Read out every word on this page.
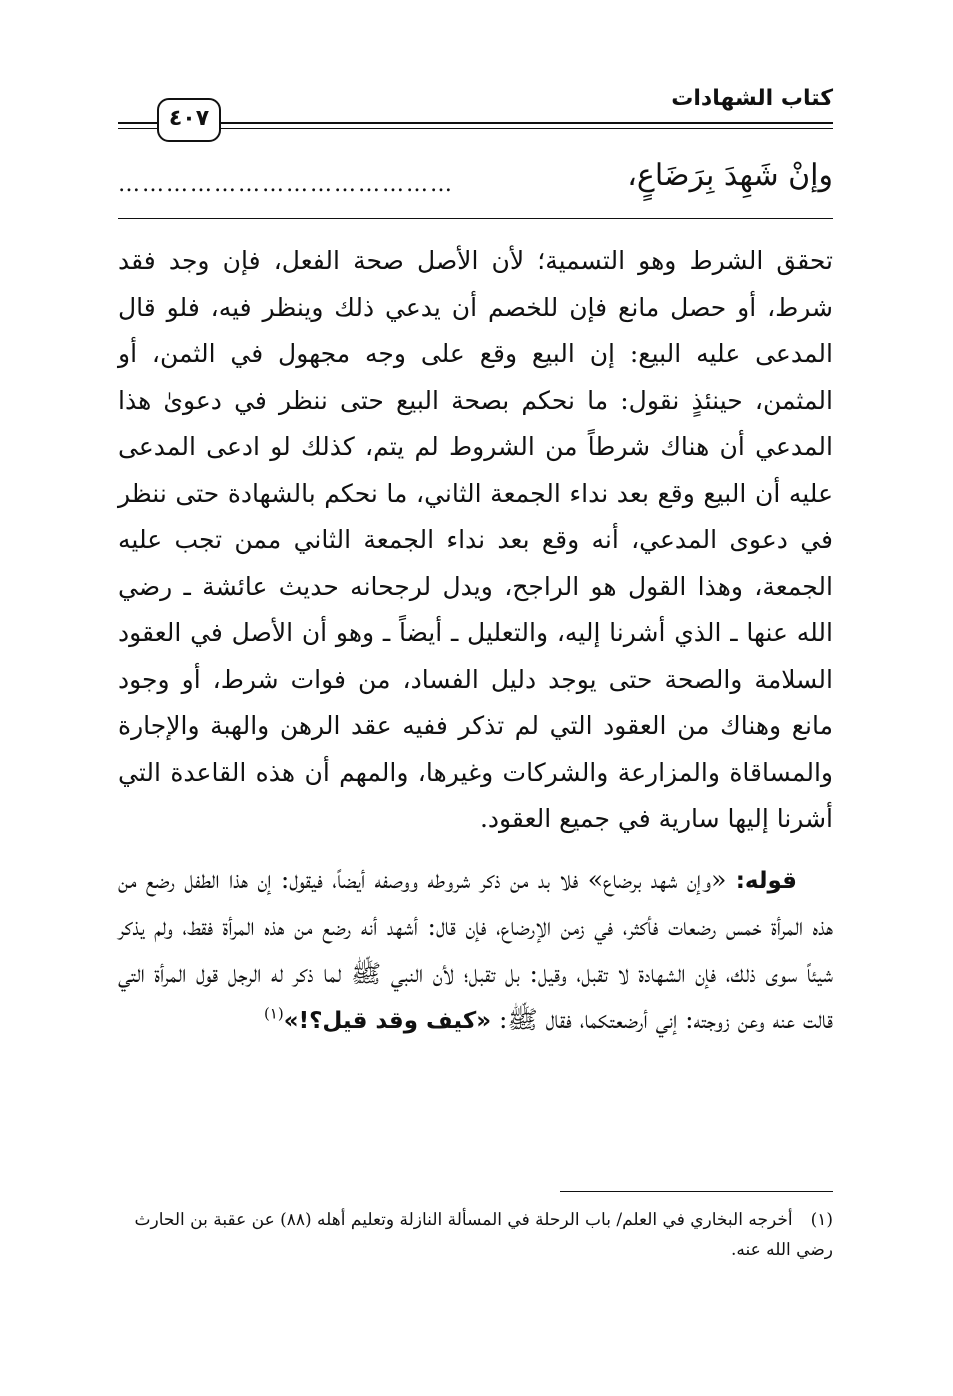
كتاب الشهادات
٤٠٧
وإنْ شَهِدَ بِرَضَاعٍ،
……………………………………

تحقق الشرط وهو التسمية؛ لأن الأصل صحة الفعل، فإن وجد فقد شرط، أو حصل مانع فإن للخصم أن يدعي ذلك وينظر فيه، فلو قال المدعى عليه البيع: إن البيع وقع على وجه مجهول في الثمن، أو المثمن، حينئذٍ نقول: ما نحكم بصحة البيع حتى ننظر في دعوىٰ هذا المدعي أن هناك شرطاً من الشروط لم يتم، كذلك لو ادعى المدعى عليه أن البيع وقع بعد نداء الجمعة الثاني، ما نحكم بالشهادة حتى ننظر في دعوى المدعي، أنه وقع بعد نداء الجمعة الثاني ممن تجب عليه الجمعة، وهذا القول هو الراجح، ويدل لرجحانه حديث عائشة ـ رضي الله عنها ـ الذي أشرنا إليه، والتعليل ـ أيضاً ـ وهو أن الأصل في العقود السلامة والصحة حتى يوجد دليل الفساد، من فوات شرط، أو وجود مانع وهناك من العقود التي لم تذكر ففيه عقد الرهن والهبة والإجارة والمساقاة والمزارعة والشركات وغيرها، والمهم أن هذه القاعدة التي أشرنا إليها سارية في جميع العقود.

قوله: «وإن شهد برضاع» فلا بد من ذكر شروطه ووصفه أيضاً، فيقول: إن هذا الطفل رضع من هذه المرأة خمس رضعات فأكثر، في زمن الإرضاع، فإن قال: أشهد أنه رضع من هذه المرأة فقط، ولم يذكر شيئاً سوى ذلك، فإن الشهادة لا تقبل، وقيل: بل تقبل؛ لأن النبي ﷺ لما ذكر له الرجل قول المرأة التي قالت عنه وعن زوجته: إني أرضعتكما، فقال ﷺ: «كيف وقد قيل؟!»$^{(١)}$

(١)أخرجه البخاري في العلم/ باب الرحلة في المسألة النازلة وتعليم أهله (٨٨) عن عقبة بن الحارث رضي الله عنه.
